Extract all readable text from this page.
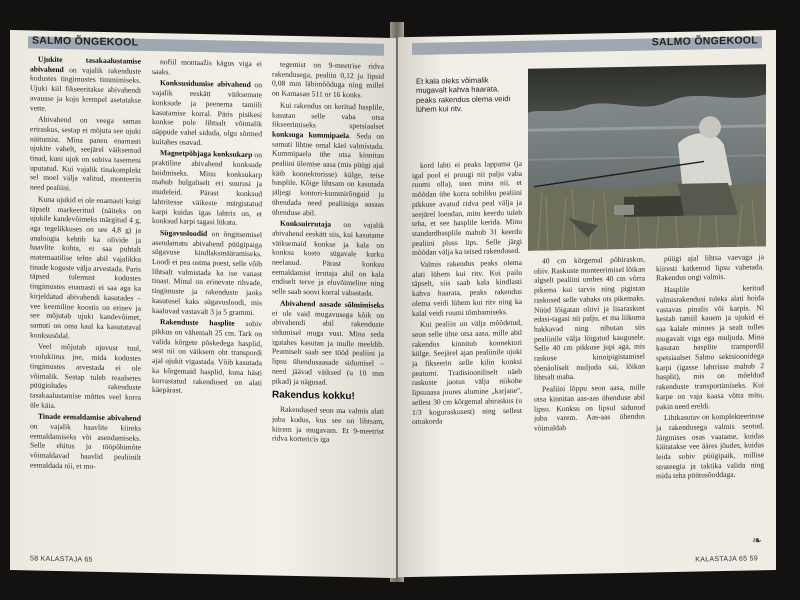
SALMO ÕNGEKOOL

Ujukite tasakaalustamise abivahend on vajalik rakenduste kodustes tingimustes timmimiseks. Ujuki kiil fikseeritakse abivahendi avausse ja koju krempel asetatakse vette.

Abivahend on veega samas eriraskus, sestap ei mõjuta see ujuki näitumist. Mina panen enamasti ujukite vahelt, seejärel väiksemad tinad, kuni ujuk on sobiva tasemeni uputatud. Kui vajalik tinakomplekt sel moel välja valitud, monteerin need pealiini.

Kuna ujukid ei ole enamasti kuigi täpselt markeeritud (näiteks on ujukile kandevõimeks märgitud 4 g, aga tegelikkuses on see 4,8 g) ja analoogia kehtib ka olivide ja haavlite kohta, ei saa puhtalt matemaatilise tehte abil vajalikku tinade koguste välja arvestada. Paris täpsed tulemust kodustes tingimustes enamasti ei saa aga ka kirjeldatud abivahendi kasutades – vee keemiline koostis on erinev ja see mõjutab ujuki kandevõimet, samuti on oma kaal ka kasutataval konksusõdal.

Veel mõjutab ujuvust tuul, voolukiirus jne, mida kodustes tingimustes arvestada ei ole võimalik. Sestap tuleb reaalsetes püügioludes rakenduste tasakaalustamise mõttes veel korra üle käia.

Tinade eemaldamise abivahend on vajalik haavlite kiireks eemaldamiseks või asendamiseks. Selle ehitus ja tööpõhimõte võimaldavad haavlid pealiinilt eemaldada nii, et mo-

nofiil montaažis kägus viga ei saaks.

Konksusidumise abivahend on vajalik eeskätt väiksemate konksude ja peenema tamiili kasutamise korral. Päris pisikesi konkse pole lihtsalt võimalik näppude vahel siduda, olgu sõrmed kuitahes osavad.

Magnetpõhjaga konksukarp on praktiline abivahend konksude hoidmiseks. Minu konksukarp mahub hulgaliselt eri suurusi ja mudeleid. Pärast konksud lahtritesse väikeste märgistatud karpi kuidas igas lahtris on, et konksud karpi tagasi lükata.

Sügavusloodid on õngitsemisel asendamatu abivahend püügipaiga sügavuse kindlaksmääramiseks. Loodi ei pea ostma poest, selle võib lihtsalt valmistada ka ise vanast tinast. Minul on erinevate rihvade, tingimuste ja rakenduste jaoks kasutusel kaks sügavusloodi, mis kaaluvad vastavalt 3 ja 5 grammi.

Rakenduste hasplite sobiv pikkus on vähemalt 25 cm. Tark on valida kõrgete põskedega hasplid, sest nii on väiksem oht transpordi ajal ujukit vigastada. Võib kasutada ka kõrgemaid hasplid, kuna hästi korrastatud rakendused on alati käepärast.

tegemist on 9-meetrise ridva rakendusega, pealiin 0,12 ja lipsid 0,08 mm läbimõõduga ning millel on Kamasan 511 nr 16 konks.

Kui rakendus on keritud hasplile, kasutan selle vaba otsa fikseerimiseks spetsiaalset konksuga kummipaela. Seda on samuti lihtne omal käel valmistada. Kummipaela ühe otsa kinnitan pealiini ülemise aasa (mis püügi ajal käib konnektorisse) külge, teise hasplile. Kõige lihtsam on kasutada jäljegi kontori-kummirõngaid ja ühendada need pealiiniga aasaas ühenduse abil.

Konksuirrutaja on vajalik abivahend eeskätt siis, kui kasutame väiksemaid konkse ja kala on konksu kosto sügavale kurku neelanud. Pärast konksu eemaldamist irrutaja abil on kala endiselt terve ja eluvõimeline ning selle saab soovi korral vabastada.

Abivahend aasade sõlmimiseks ei ole vaid mugavusega kõik on abivahendi abil rakenduste sidumisel muga vust. Mina seda igatahes kasutan ja mulle meeldib. Peamiselt saab see tööd pealiini ja lipsu ühendusaasade sidumisel – need jäävad väiksed (u 10 mm pikad) ja nägusad.

Rakendus kokku!

Rakendused seon ma valmis alati juba kodus, kus see on lihtsam, kiirem ja mugavam. Et 9-meetrist ridva kortericis iga

58 KALASTAJA 65
SALMO ÕNGEKOOL
Et kala oleks võimalik mugavalt kahva haarata, peaks rakendus olema veidi lühem kui ritv.

kord lahti ei peaks lappama (ja igal pool ei pruugi nii palju vaba ruumi olla), teen mina nii, et mõõdan ühe korra sobiliku pealiini pikkuse avatud ridva peal välja ja seejärel loendan, mitu keerdu tuleb teha, et see hasplile kerida. Minu standardhasplile mahub 31 keerdu pealiini pluss lips. Selle järgi mõõdan välja ka teised rakendused.

Valmis rakendus peaks olema alati lühem kui ritv. Kui pailu täpselt, siis saab kala kindlasti kahva haarata, peaks rakendus olema veidi lühem kui ritv ning ka kalal veidi ruumi tõmbamiseks.

Kui pealiin on välja mõõdetud, seon selle ühte otsa aasa, mille abil rakendus kinnitub konnektori külge. Seejärel ajan pealiinile ujuki ja fikseerin selle kilin konksi peatumi. Tradisiooniliselt näeb raskuste jaotus välja niikohe lipsuaasa juures alumine „karjane", sellest 30 cm kõrgemal abiraskus (u 1/3 koguraskusest) ning sellest omakorda

40 cm kõrgemal põhiraskus, oliiv. Raskuste monteerimisel lõikan algselt pealiini umbes 40 cm võrra pikema kui tarvis ning pigistan raskused selle vabaks ots pikemaks. Nüüd lõigatan oliivi ja lisaraskust edasi-tagasi nii palju, et ma liikuma hakkavad ning nihutan siis pealiinile välja lõigatud kaugusele. Selle 40 cm pikkuse jupi aga, mis raskuse kinnipigistamisel tõenäoliselt muljuda sai, lõikan lihtsalt maha.

Pealiini lõppu seon aasa, mille otsa kinnitan aas-aas ühenduse abil lipsu. Konksu on lipsul sidunud juba varem. Aas-aas ühendus võimaldab

püügi ajal lihtsa vaevaga ja kiiresti katkenud lipsu vahetada. Rakendus ongi valmis.

Hasplile keritud valmisrakendusi tuleks alati hoida vastavas pinalis või karpis. Ni kestab tamiil kauem ja ujukid ei saa kalale minnes ja sealt tulles mugavalt viga ega muljuda. Mina kasutan hasplite transpordil spetsiaalset Salmo sektsioonidega karpi (igasse lahtrisse mahub 2 hasplit), mis on mõeldud rakenduste transportimiseks. Kui karpe on vaja kaasa võtta mitu, pakin need ereldi.

Lihtkasutav on komplekteerituse ja rakendusega valmis seotud. Järgmises osas vaatame, kuidas käitatakse vee ääres jõudes, kuidas leida sobiv püügipaik, millise strateegia ja taktika valida ning mida teha püütusõoddaga.

❧
KALASTAJA 65 59
